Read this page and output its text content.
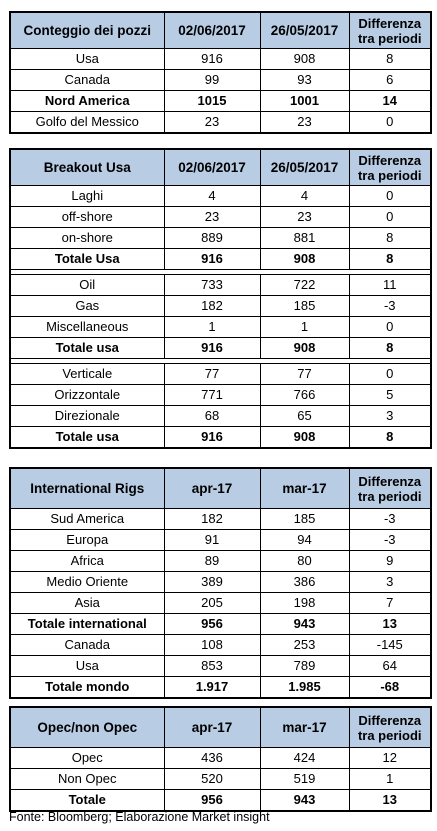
Conteggio dei pozzi	02/06/2017	26/05/2017	Differenza tra periodi
Usa	916	908	8
Canada	99	93	6
Nord America	1015	1001	14
Golfo del Messico	23	23	0
Breakout Usa	02/06/2017	26/05/2017	Differenza tra periodi
Laghi	4	4	0
off-shore	23	23	0
on-shore	889	881	8
Totale Usa	916	908	8

Oil	733	722	11
Gas	182	185	-3
Miscellaneous	1	1	0
Totale usa	916	908	8

Verticale	77	77	0
Orizzontale	771	766	5
Direzionale	68	65	3
Totale usa	916	908	8
International Rigs	apr-17	mar-17	Differenza tra periodi
Sud America	182	185	-3
Europa	91	94	-3
Africa	89	80	9
Medio Oriente	389	386	3
Asia	205	198	7
Totale international	956	943	13
Canada	108	253	-145
Usa	853	789	64
Totale mondo	1.917	1.985	-68
Opec/non Opec	apr-17	mar-17	Differenza tra periodi
Opec	436	424	12
Non Opec	520	519	1
Totale	956	943	13
Fonte: Bloomberg; Elaborazione Market insight
